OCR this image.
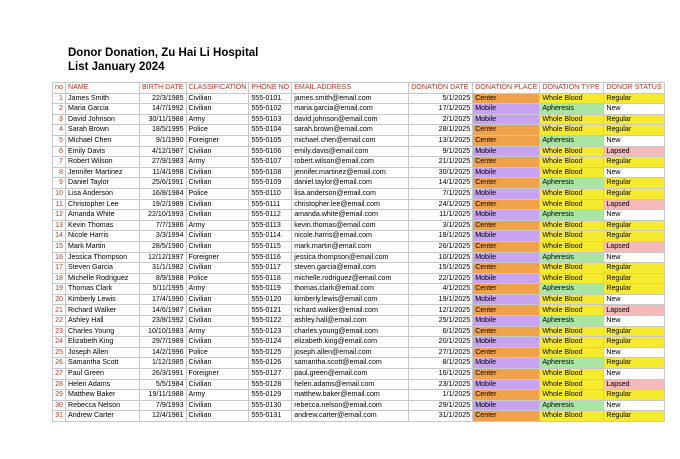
Donor Donation, Zu Hai Li Hospital
List January 2024
no	NAME	BIRTH DATE	CLASSIFICATION	PHONE NO	EMAIL ADDRESS	DONATION DATE	DONATION PLACE	DONATION TYPE	DONOR STATUS
1	James Smith	22/3/1985	Civilian	555-0101	james.smith@email.com	5/1/2025	Center	Whole Blood	Regular
2	Maria Garcia	14/7/1992	Civilian	555-0102	maria.garcia@email.com	17/1/2025	Mobile	Apheresis	New
3	David Johnson	30/11/1988	Army	555-0103	david.johnson@email.com	2/1/2025	Mobile	Whole Blood	Regular
4	Sarah Brown	18/5/1995	Police	555-0104	sarah.brown@email.com	28/1/2025	Center	Whole Blood	Regular
5	Michael Chen	9/1/1990	Foreigner	555-0105	michael.chen@email.com	13/1/2025	Center	Apheresis	New
6	Emily Davis	4/12/1987	Civilian	555-0106	emily.davis@email.com	9/1/2025	Mobile	Whole Blood	Lapsed
7	Robert Wilson	27/9/1983	Army	555-0107	robert.wilson@email.com	21/1/2025	Center	Whole Blood	Regular
8	Jennifer Martinez	11/4/1998	Civilian	555-0108	jennifer.martinez@email.com	30/1/2025	Mobile	Whole Blood	New
9	Daniel Taylor	25/6/1991	Civilian	555-0109	daniel.taylor@email.com	14/1/2025	Center	Apheresis	Regular
10	Lisa Anderson	16/8/1984	Police	555-0110	lisa.anderson@email.com	7/1/2025	Mobile	Whole Blood	Regular
11	Christopher Lee	19/2/1989	Civilian	555-0111	christopher.lee@email.com	24/1/2025	Center	Whole Blood	Lapsed
12	Amanda White	22/10/1993	Civilian	555-0112	amanda.white@email.com	11/1/2025	Mobile	Apheresis	New
13	Kevin Thomas	7/7/1986	Army	555-0113	kevin.thomas@email.com	3/1/2025	Center	Whole Blood	Regular
14	Nicole Harris	3/3/1994	Civilian	555-0114	nicole.harris@email.com	18/1/2025	Mobile	Whole Blood	Regular
15	Mark Martin	28/5/1980	Civilian	555-0115	mark.martin@email.com	26/1/2025	Center	Whole Blood	Lapsed
16	Jessica Thompson	12/12/1997	Foreigner	555-0116	jessica.thompson@email.com	10/1/2025	Mobile	Apheresis	New
17	Steven Garcia	31/1/1982	Civilian	555-0117	steven.garcia@email.com	15/1/2025	Center	Whole Blood	Regular
18	Michelle Rodriguez	8/9/1988	Police	555-0118	michelle.rodriguez@email.com	22/1/2025	Mobile	Whole Blood	Regular
19	Thomas Clark	5/11/1995	Army	555-0119	thomas.clark@email.com	4/1/2025	Center	Apheresis	Regular
20	Kimberly Lewis	17/4/1990	Civilian	555-0120	kimberly.lewis@email.com	19/1/2025	Mobile	Whole Blood	New
21	Richard Walker	14/6/1987	Civilian	555-0121	richard.walker@email.com	12/1/2025	Center	Whole Blood	Lapsed
22	Ashley Hall	23/8/1992	Civilian	555-0122	ashley.hall@email.com	25/1/2025	Mobile	Apheresis	New
23	Charles Young	10/10/1983	Army	555-0123	charles.young@email.com	6/1/2025	Center	Whole Blood	Regular
24	Elizabeth King	29/7/1989	Civilian	555-0124	elizabeth.king@email.com	20/1/2025	Mobile	Whole Blood	Regular
25	Joseph Allen	14/2/1996	Police	555-0125	joseph.allen@email.com	27/1/2025	Center	Whole Blood	New
26	Samantha Scott	1/12/1985	Civilian	555-0126	samantha.scott@email.com	8/1/2025	Mobile	Apheresis	Regular
27	Paul Green	26/3/1991	Foreigner	555-0127	paul.green@email.com	16/1/2025	Center	Whole Blood	New
28	Helen Adams	5/5/1984	Civilian	555-0128	helen.adams@email.com	23/1/2025	Mobile	Whole Blood	Lapsed
29	Matthew Baker	19/11/1988	Army	555-0129	matthew.baker@email.com	1/1/2025	Center	Whole Blood	Regular
30	Rebecca Nelson	7/9/1993	Civilian	555-0130	rebecca.nelson@email.com	29/1/2025	Mobile	Apheresis	New
31	Andrew Carter	12/4/1981	Civilian	555-0131	andrew.carter@email.com	31/1/2025	Center	Whole Blood	Regular
